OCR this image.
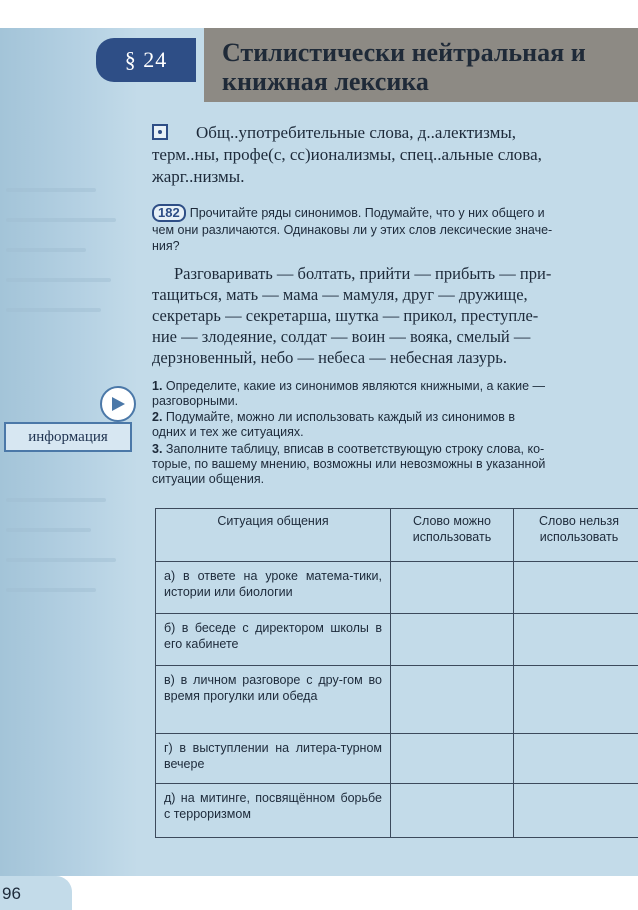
§ 24 Стилистически нейтральная и
книжная лексика
Общ..употребительные слова, д..алектизмы,
терм..ны, профе(с, сс)ионализмы, спец..альные слова,
жарг..низмы.
182 Прочитайте ряды синонимов. Подумайте, что у них общего и
чем они различаются. Одинаковы ли у этих слов лексические значе-
ния?
Разговаривать — болтать, прийти — прибыть — при-
тащиться, мать — мама — мамуля, друг — дружище,
секретарь — секретарша, шутка — прикол, преступле-
ние — злодеяние, солдат — воин — вояка, смелый —
дерзновенный, небо — небеса — небесная лазурь.
1. Определите, какие из синонимов являются книжными, а какие —
разговорными.
2. Подумайте, можно ли использовать каждый из синонимов в
одних и тех же ситуациях.
3. Заполните таблицу, вписав в соответствующую строку слова, ко-
торые, по вашему мнению, возможны или невозможны в указанной
ситуации общения.
информация
Ситуация общения	Слово можно использовать	Слово нельзя использовать
а) в ответе на уроке матема-тики, истории или биологии		
б) в беседе с директором школы в его кабинете		
в) в личном разговоре с дру-гом во время прогулки или обеда		
г) в выступлении на литера-турном вечере		
д) на митинге, посвящённом борьбе с терроризмом		
96
